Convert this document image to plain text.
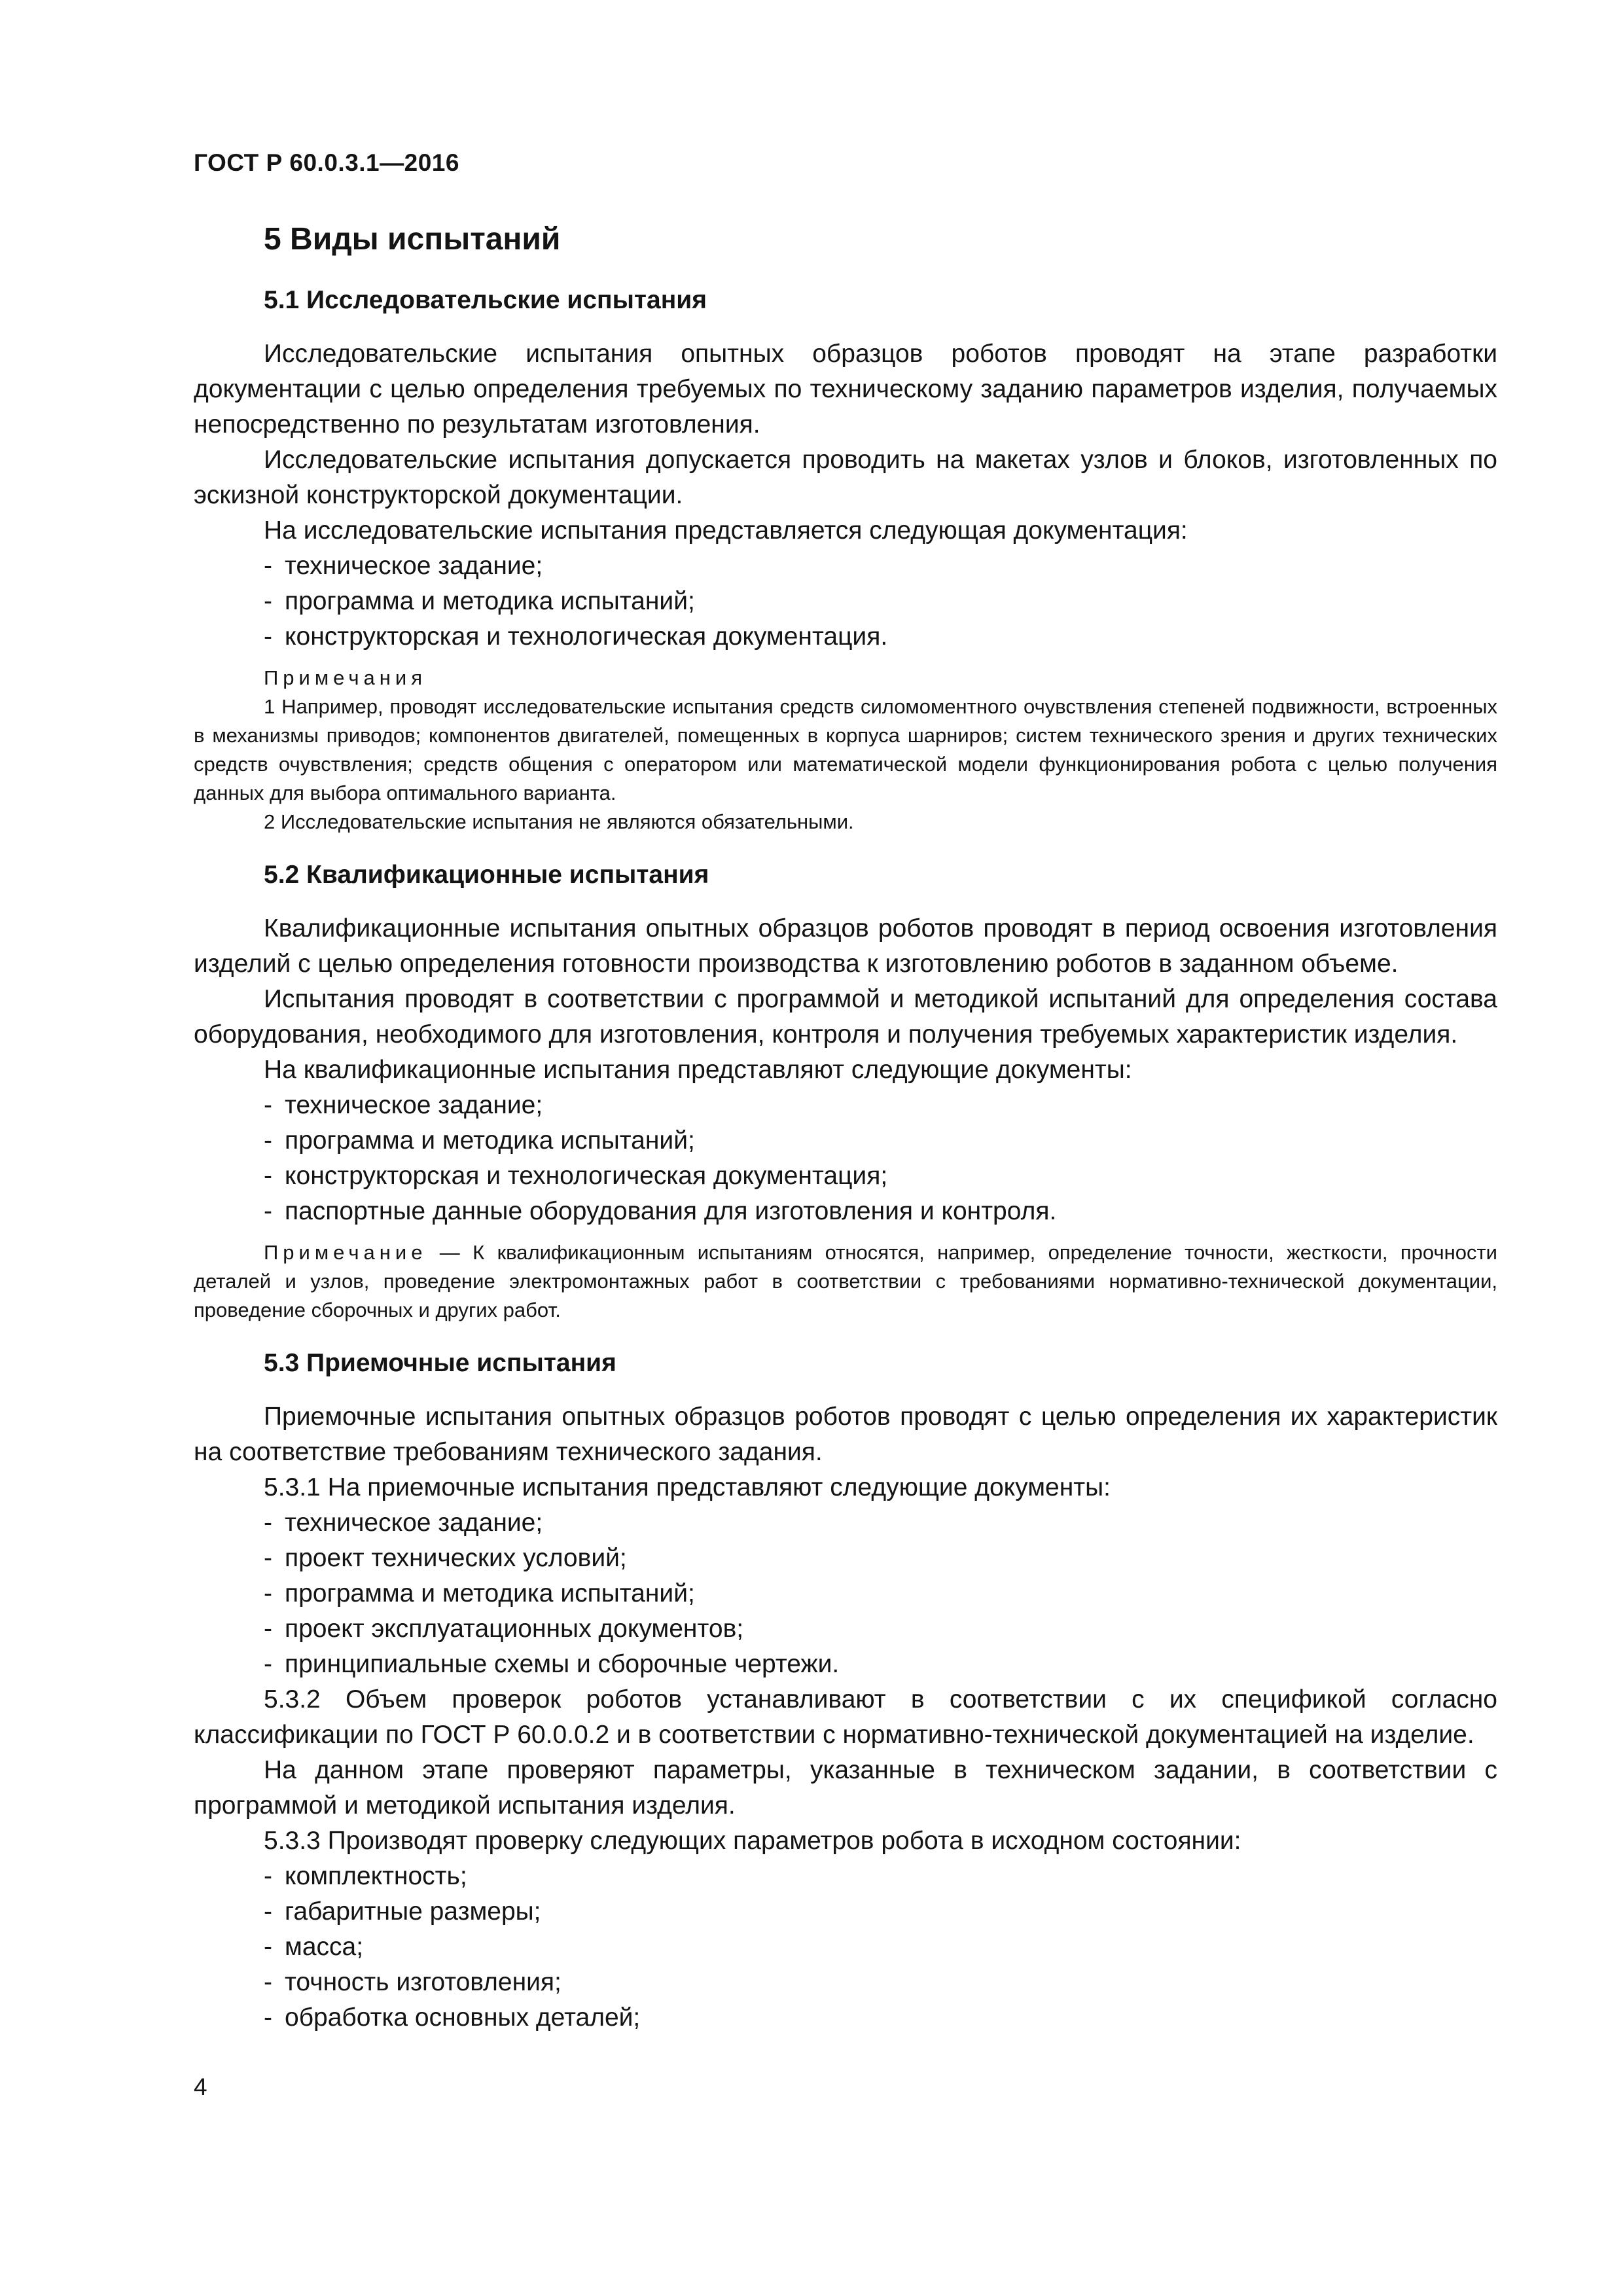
ГОСТ Р 60.0.3.1—2016
5 Виды испытаний
5.1 Исследовательские испытания

Исследовательские испытания опытных образцов роботов проводят на этапе разработки документации с целью определения требуемых по техническому заданию параметров изделия, получаемых непосредственно по результатам изготовления.

Исследовательские испытания допускается проводить на макетах узлов и блоков, изготовленных по эскизной конструкторской документации.

На исследовательские испытания представляется следующая документация:

- техническое задание;
- программа и методика испытаний;
- конструкторская и технологическая документация.
Примечания

1 Например, проводят исследовательские испытания средств силомоментного очувствления степеней подвижности, встроенных в механизмы приводов; компонентов двигателей, помещенных в корпуса шарниров; систем технического зрения и других технических средств очувствления; средств общения с оператором или математической модели функционирования робота с целью получения данных для выбора оптимального варианта.

2 Исследовательские испытания не являются обязательными.

5.2 Квалификационные испытания

Квалификационные испытания опытных образцов роботов проводят в период освоения изготовления изделий с целью определения готовности производства к изготовлению роботов в заданном объеме.

Испытания проводят в соответствии с программой и методикой испытаний для определения состава оборудования, необходимого для изготовления, контроля и получения требуемых характеристик изделия.

На квалификационные испытания представляют следующие документы:

- техническое задание;
- программа и методика испытаний;
- конструкторская и технологическая документация;
- паспортные данные оборудования для изготовления и контроля.

Примечание — К квалификационным испытаниям относятся, например, определение точности, жесткости, прочности деталей и узлов, проведение электромонтажных работ в соответствии с требованиями нормативно-технической документации, проведение сборочных и других работ.

5.3 Приемочные испытания

Приемочные испытания опытных образцов роботов проводят с целью определения их характеристик на соответствие требованиям технического задания.

5.3.1 На приемочные испытания представляют следующие документы:

- техническое задание;
- проект технических условий;
- программа и методика испытаний;
- проект эксплуатационных документов;
- принципиальные схемы и сборочные чертежи.

5.3.2 Объем проверок роботов устанавливают в соответствии с их спецификой согласно классификации по ГОСТ Р 60.0.0.2 и в соответствии с нормативно-технической документацией на изделие.

На данном этапе проверяют параметры, указанные в техническом задании, в соответствии с программой и методикой испытания изделия.

5.3.3 Производят проверку следующих параметров робота в исходном состоянии:

- комплектность;
- габаритные размеры;
- масса;
- точность изготовления;
- обработка основных деталей;
4
